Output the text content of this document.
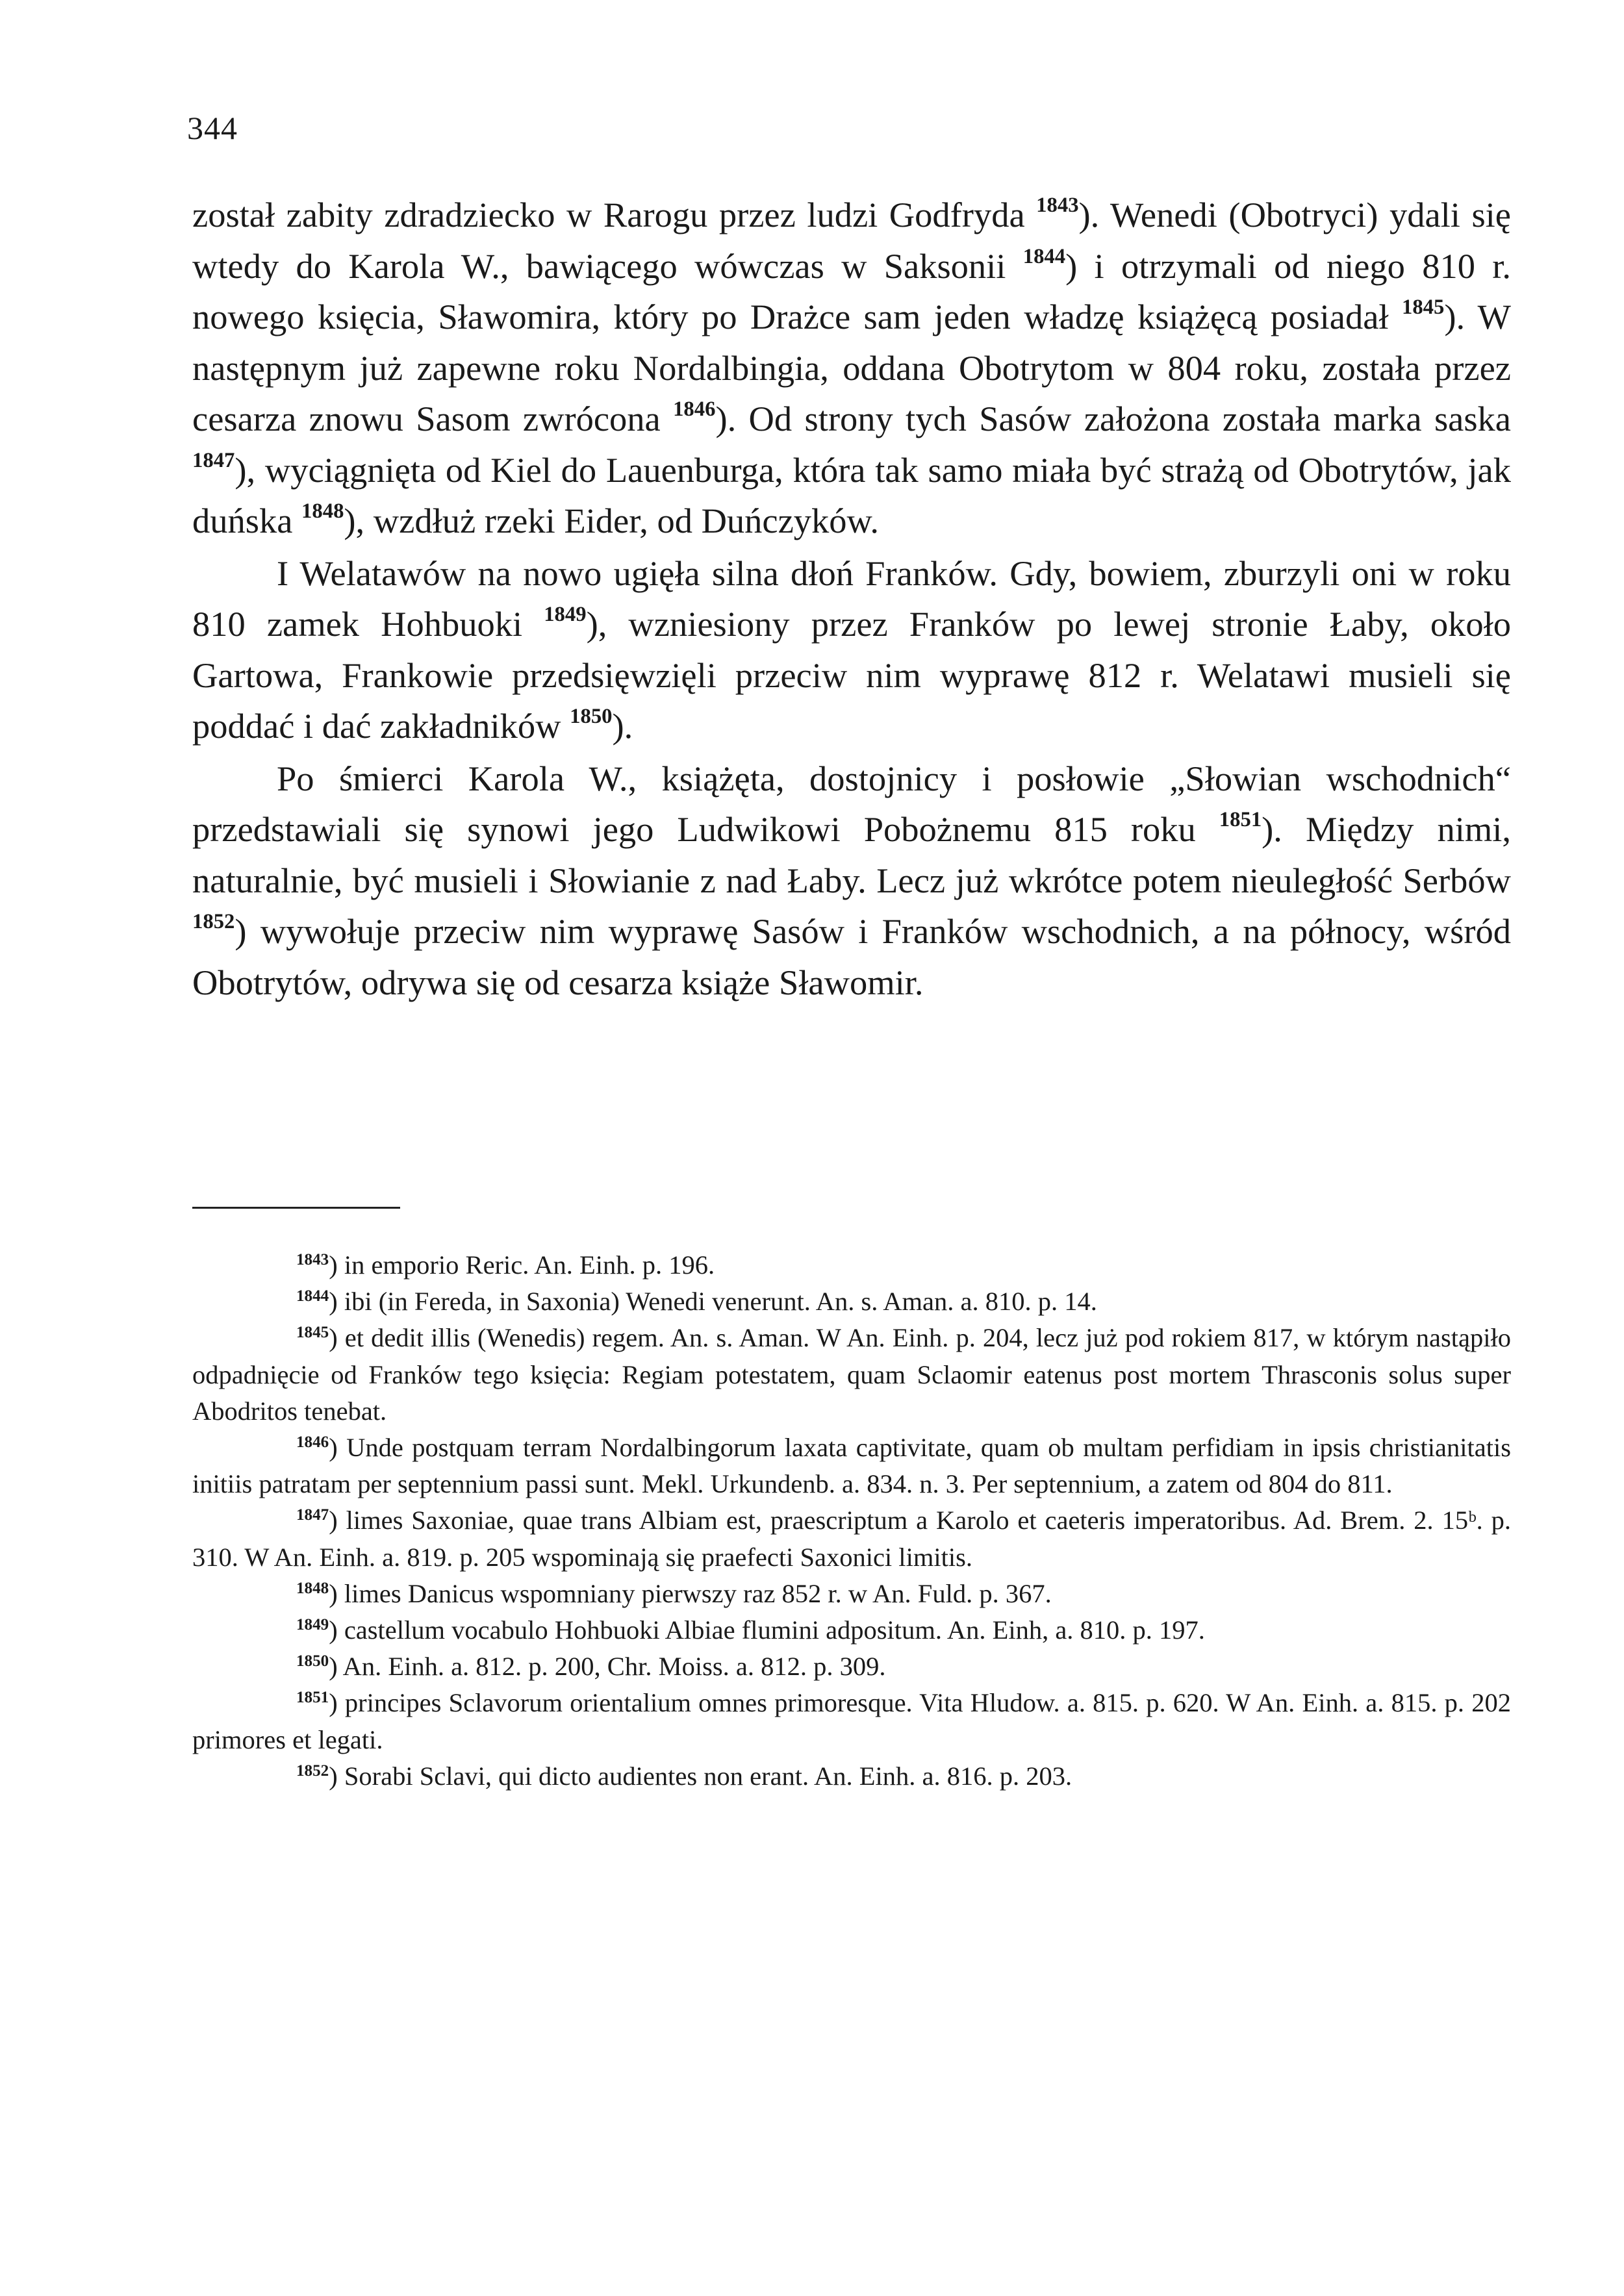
344

został zabity zdradziecko w Rarogu przez ludzi Godfryda $^{1843}$). Wenedi (Obotryci) ydali się wtedy do Karola W., bawiącego wówczas w Saksonii $^{1844}$) i otrzymali od niego 810 r. nowego księcia, Sławomira, który po Drażce sam jeden władzę książęcą posiadał $^{1845}$). W następnym już zapewne roku Nordalbingia, oddana Obotrytom w 804 roku, została przez cesarza znowu Sasom zwrócona $^{1846}$). Od strony tych Sasów założona została marka saska $^{1847}$), wyciągnięta od Kiel do Lauenburga, która tak samo miała być strażą od Obotrytów, jak duńska $^{1848}$), wzdłuż rzeki Eider, od Duńczyków.

I Welatawów na nowo ugięła silna dłoń Franków. Gdy, bowiem, zburzyli oni w roku 810 zamek Hohbuoki $^{1849}$), wzniesiony przez Franków po lewej stronie Łaby, około Gartowa, Frankowie przedsięwzięli przeciw nim wyprawę 812 r. Welatawi musieli się poddać i dać zakładników $^{1850}$).

Po śmierci Karola W., książęta, dostojnicy i posłowie „Słowian wschodnich“ przedstawiali się synowi jego Ludwikowi Pobożnemu 815 roku $^{1851}$). Między nimi, naturalnie, być musieli i Słowianie z nad Łaby. Lecz już wkrótce potem nieuległość Serbów $^{1852}$) wywołuje przeciw nim wyprawę Sasów i Franków wschodnich, a na północy, wśród Obotrytów, odrywa się od cesarza książe Sławomir.

$^{1843}$) in emporio Reric. An. Einh. p. 196.

$^{1844}$) ibi (in Fereda, in Saxonia) Wenedi venerunt. An. s. Aman. a. 810. p. 14.

$^{1845}$) et dedit illis (Wenedis) regem. An. s. Aman. W An. Einh. p. 204, lecz już pod rokiem 817, w którym nastąpiło odpadnięcie od Franków tego księcia: Regiam potestatem, quam Sclaomir eatenus post mortem Thrasconis solus super Abodritos tenebat.

$^{1846}$) Unde postquam terram Nordalbingorum laxata captivitate, quam ob multam perfidiam in ipsis christianitatis initiis patratam per septennium passi sunt. Mekl. Urkundenb. a. 834. n. 3. Per septennium, a zatem od 804 do 811.

$^{1847}$) limes Saxoniae, quae trans Albiam est, praescriptum a Karolo et caeteris imperatoribus. Ad. Brem. 2. 15ᵇ. p. 310. W An. Einh. a. 819. p. 205 wspominają się praefecti Saxonici limitis.

$^{1848}$) limes Danicus wspomniany pierwszy raz 852 r. w An. Fuld. p. 367.

$^{1849}$) castellum vocabulo Hohbuoki Albiae flumini adpositum. An. Einh, a. 810. p. 197.

$^{1850}$) An. Einh. a. 812. p. 200, Chr. Moiss. a. 812. p. 309.

$^{1851}$) principes Sclavorum orientalium omnes primoresque. Vita Hludow. a. 815. p. 620. W An. Einh. a. 815. p. 202 primores et legati.

$^{1852}$) Sorabi Sclavi, qui dicto audientes non erant. An. Einh. a. 816. p. 203.
